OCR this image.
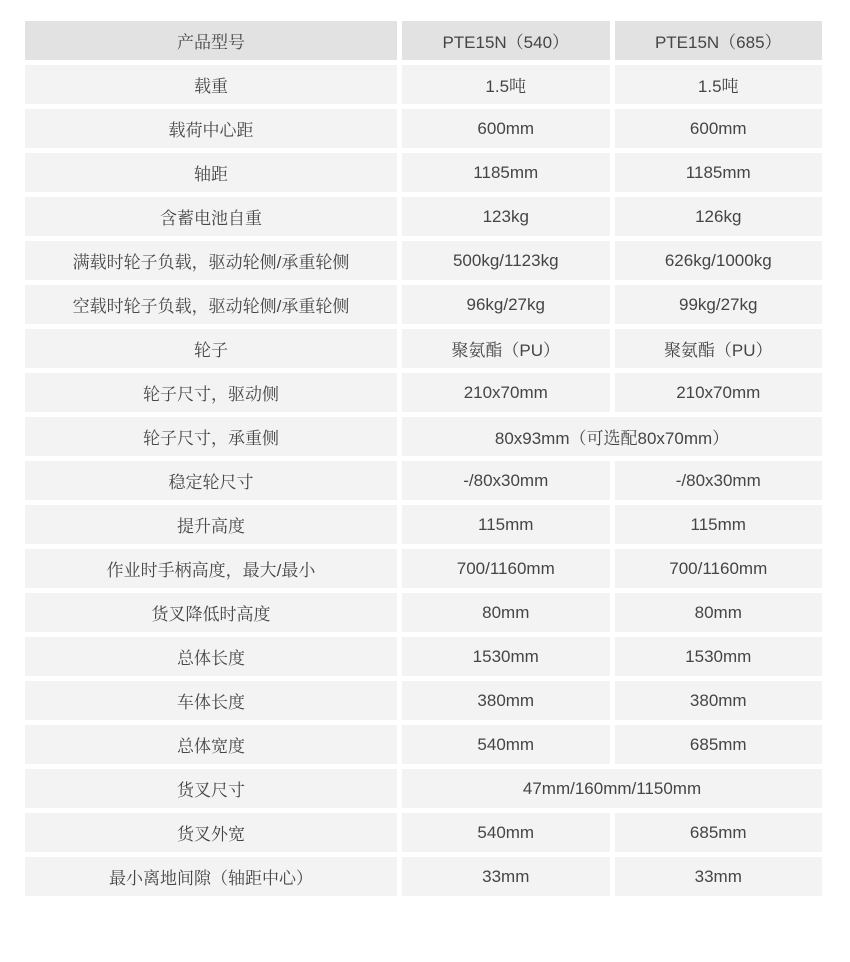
产品型号	PTE15N（540）	PTE15N（685）
载重	1.5吨	1.5吨
载荷中心距	600mm	600mm
轴距	1185mm	1185mm
含蓄电池自重	123kg	126kg
满载时轮子负载，驱动轮侧/承重轮侧	500kg/1123kg	626kg/1000kg
空载时轮子负载，驱动轮侧/承重轮侧	96kg/27kg	99kg/27kg
轮子	聚氨酯（PU）	聚氨酯（PU）
轮子尺寸，驱动侧	210x70mm	210x70mm
轮子尺寸，承重侧	80x93mm（可选配80x70mm）
稳定轮尺寸	-/80x30mm	-/80x30mm
提升高度	115mm	115mm
作业时手柄高度，最大/最小	700/1160mm	700/1160mm
货叉降低时高度	80mm	80mm
总体长度	1530mm	1530mm
车体长度	380mm	380mm
总体宽度	540mm	685mm
货叉尺寸	47mm/160mm/1150mm
货叉外宽	540mm	685mm
最小离地间隙（轴距中心）	33mm	33mm
